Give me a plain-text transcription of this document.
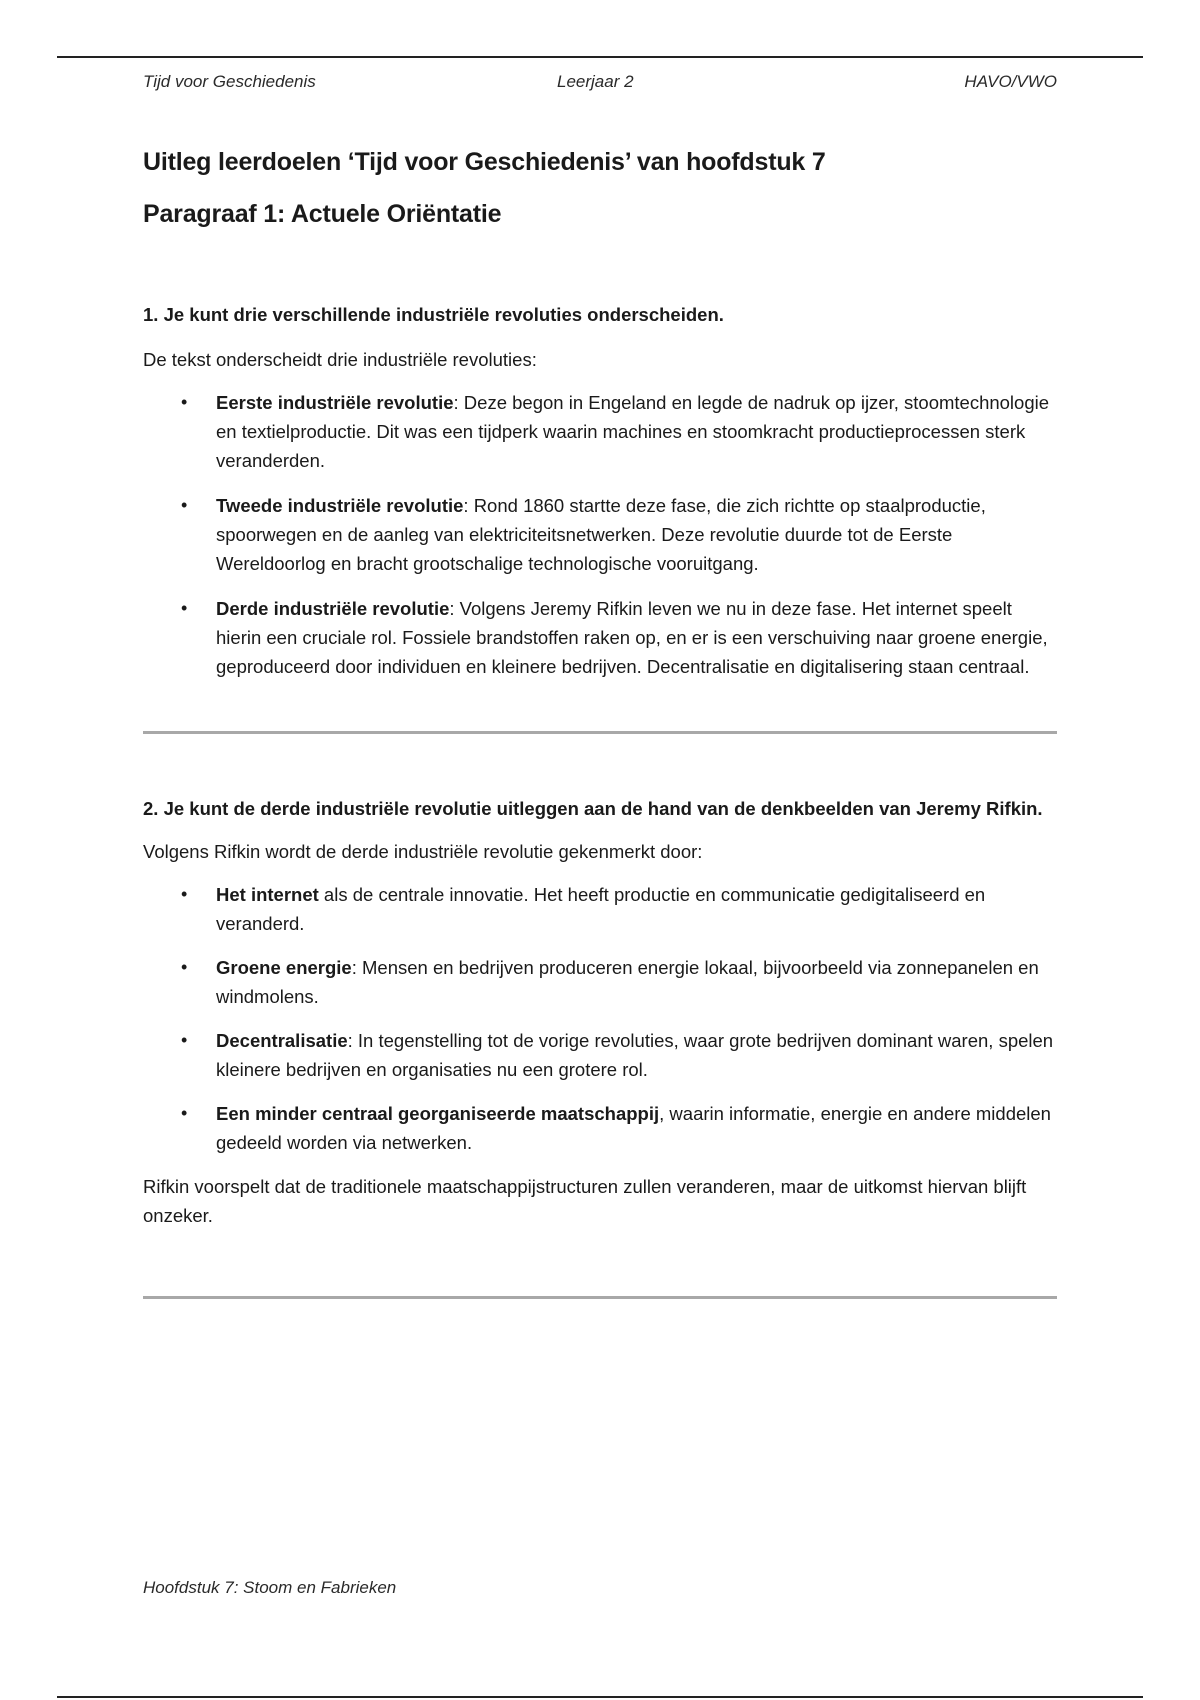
Tijd voor Geschiedenis	Leerjaar 2	HAVO/VWO
Uitleg leerdoelen ‘Tijd voor Geschiedenis’ van hoofdstuk 7
Paragraaf 1: Actuele Oriëntatie

1. Je kunt drie verschillende industriële revoluties onderscheiden.

De tekst onderscheidt drie industriële revoluties:

• Eerste industriële revolutie: Deze begon in Engeland en legde de nadruk op ijzer, stoomtechnologie en textielproductie. Dit was een tijdperk waarin machines en stoomkracht productieprocessen sterk veranderden.
• Tweede industriële revolutie: Rond 1860 startte deze fase, die zich richtte op staalproductie, spoorwegen en de aanleg van elektriciteitsnetwerken. Deze revolutie duurde tot de Eerste Wereldoorlog en bracht grootschalige technologische vooruitgang.
• Derde industriële revolutie: Volgens Jeremy Rifkin leven we nu in deze fase. Het internet speelt hierin een cruciale rol. Fossiele brandstoffen raken op, en er is een verschuiving naar groene energie, geproduceerd door individuen en kleinere bedrijven. Decentralisatie en digitalisering staan centraal.

2. Je kunt de derde industriële revolutie uitleggen aan de hand van de denkbeelden van Jeremy Rifkin.

Volgens Rifkin wordt de derde industriële revolutie gekenmerkt door:

• Het internet als de centrale innovatie. Het heeft productie en communicatie gedigitaliseerd en veranderd.
• Groene energie: Mensen en bedrijven produceren energie lokaal, bijvoorbeeld via zonnepanelen en windmolens.
• Decentralisatie: In tegenstelling tot de vorige revoluties, waar grote bedrijven dominant waren, spelen kleinere bedrijven en organisaties nu een grotere rol.
• Een minder centraal georganiseerde maatschappij, waarin informatie, energie en andere middelen gedeeld worden via netwerken.

Rifkin voorspelt dat de traditionele maatschappijstructuren zullen veranderen, maar de uitkomst hiervan blijft onzeker.

Hoofdstuk 7: Stoom en Fabrieken
